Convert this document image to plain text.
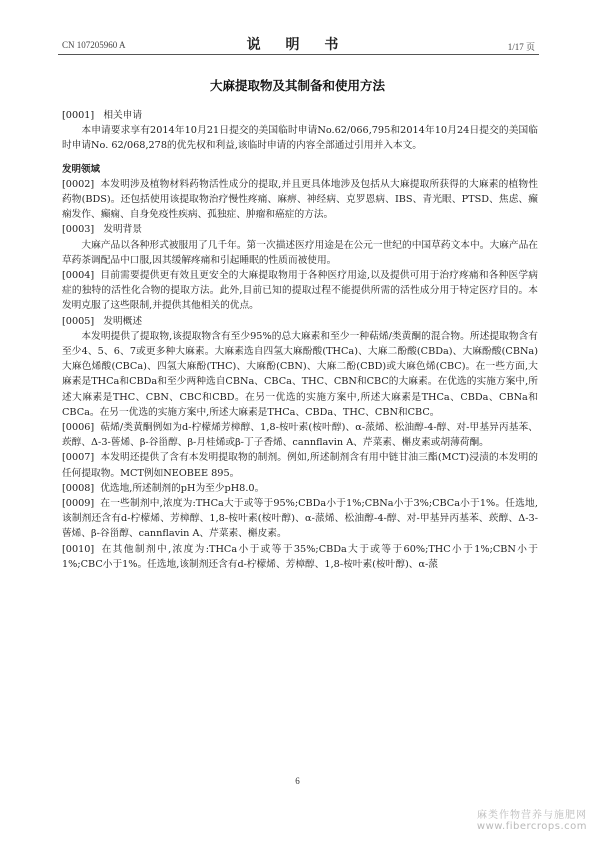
CN 107205960 A	说 明 书	1/17 页
大麻提取物及其制备和使用方法

[0001] 相关申请

本申请要求享有2014年10月21日提交的美国临时申请No.62/066,795和2014年10月24日提交的美国临时申请No. 62/068,278的优先权和利益,该临时申请的内容全部通过引用并入本文。

发明领域

[0002] 本发明涉及植物材料药物活性成分的提取,并且更具体地涉及包括从大麻提取所获得的大麻素的植物性药物(BDS)。还包括使用该提取物治疗慢性疼痛、麻痹、神经病、克罗恩病、IBS、青光眼、PTSD、焦虑、癫痫发作、癫痫、自身免疫性疾病、孤独症、肿瘤和癌症的方法。

[0003] 发明背景

大麻产品以各种形式被服用了几千年。第一次描述医疗用途是在公元一世纪的中国草药文本中。大麻产品在草药茶调配品中口服,因其缓解疼痛和引起睡眠的性质而被使用。

[0004] 目前需要提供更有效且更安全的大麻提取物用于各种医疗用途,以及提供可用于治疗疼痛和各种医学病症的独特的活性化合物的提取方法。此外,目前已知的提取过程不能提供所需的活性成分用于特定医疗目的。本发明克服了这些限制,并提供其他相关的优点。

[0005] 发明概述

本发明提供了提取物,该提取物含有至少95%的总大麻素和至少一种萜烯/类黄酮的混合物。所述提取物含有至少4、5、6、7或更多种大麻素。大麻素选自四氢大麻酚酸(THCa)、大麻二酚酸(CBDa)、大麻酚酸(CBNa)大麻色烯酸(CBCa)、四氢大麻酚(THC)、大麻酚(CBN)、大麻二酚(CBD)或大麻色烯(CBC)。在一些方面,大麻素是THCa和CBDa和至少两种选自CBNa、CBCa、THC、CBN和CBC的大麻素。在优选的实施方案中,所述大麻素是THC、CBN、CBC和CBD。在另一优选的实施方案中,所述大麻素是THCa、CBDa、CBNa和CBCa。在另一优选的实施方案中,所述大麻素是THCa、CBDa、THC、CBN和CBC。

[0006] 萜烯/类黄酮例如为d-柠檬烯芳樟醇、1,8-桉叶素(桉叶醇)、α-蒎烯、松油醇-4-醇、对-甲基异丙基苯、莰醇、Δ-3-蒈烯、β-谷甾醇、β-月桂烯或β-丁子香烯、cannflavin A、芹菜素、槲皮素或胡薄荷酮。

[0007] 本发明还提供了含有本发明提取物的制剂。例如,所述制剂含有用中链甘油三酯(MCT)浸渍的本发明的任何提取物。MCT例如NEOBEE 895。

[0008] 优选地,所述制剂的pH为至少pH8.0。

[0009] 在一些制剂中,浓度为:THCa大于或等于95%;CBDa小于1%;CBNa小于3%;CBCa小于1%。任选地,该制剂还含有d-柠檬烯、芳樟醇、1,8-桉叶素(桉叶醇)、α-蒎烯、松油醇-4-醇、对-甲基异丙基苯、莰醇、Δ-3-蒈烯、β-谷甾醇、cannflavin A、芹菜素、槲皮素。

[0010] 在其他制剂中,浓度为:THCa小于或等于35%;CBDa大于或等于60%;THC小于1%;CBN小于1%;CBC小于1%。任选地,该制剂还含有d-柠檬烯、芳樟醇、1,8-桉叶素(桉叶醇)、α-蒎

6
麻类作物营养与施肥网
www.fibercrops.com
